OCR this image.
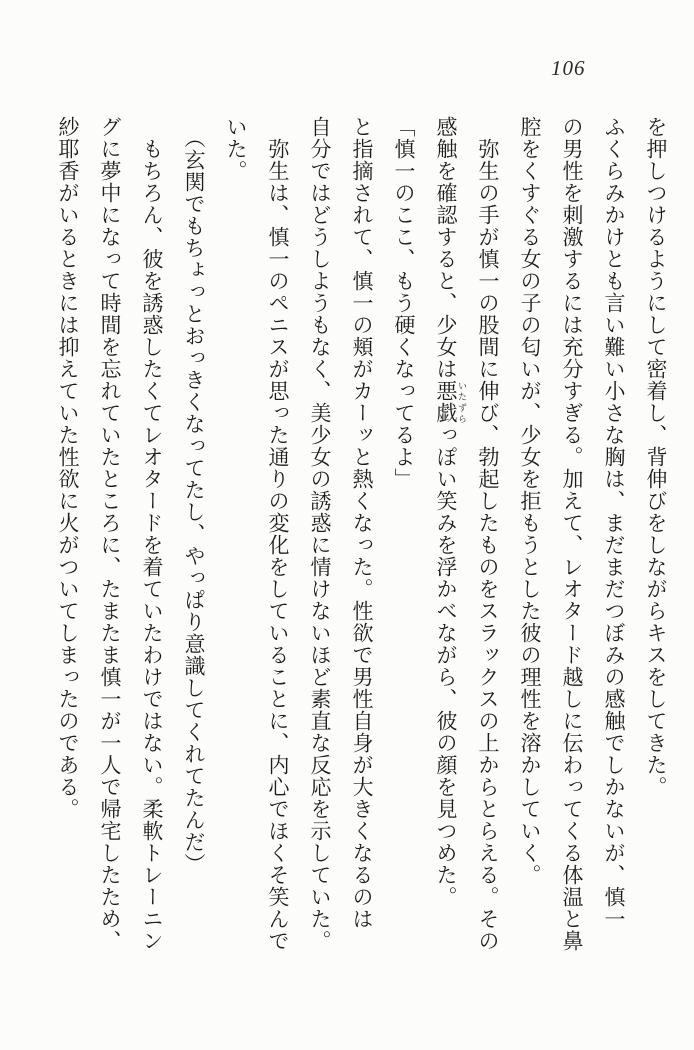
106
を押しつけるようにして密着し、背伸びをしながらキスをしてきた。
ふくらみかけとも言い難い小さな胸は、まだまだつぼみの感触でしかないが、慎一
の男性を刺激するには充分すぎる。加えて、レオタード越しに伝わってくる体温と鼻
腔をくすぐる女の子の匂いが、少女を拒もうとした彼の理性を溶かしていく。
弥生の手が慎一の股間に伸び、勃起したものをスラックスの上からとらえる。その
感触を確認すると、少女は悪戯 いたずらっぽい笑みを浮かべながら、彼の顔を見つめた。
「慎一のここ、もう硬くなってるよ」
と指摘されて、慎一の頬がカーッと熱くなった。性欲で男性自身が大きくなるのは
自分ではどうしようもなく、美少女の誘惑に情けないほど素直な反応を示していた。
弥生は、慎一のペニスが思った通りの変化をしていることに、内心でほくそ笑んで
いた。
（玄関でもちょっとおっきくなってたし、やっぱり意識してくれてたんだ）
もちろん、彼を誘惑したくてレオタードを着ていたわけではない。柔軟トレーニン
グに夢中になって時間を忘れていたところに、たまたま慎一が一人で帰宅したため、
紗耶香がいるときには抑えていた性欲に火がついてしまったのである。
